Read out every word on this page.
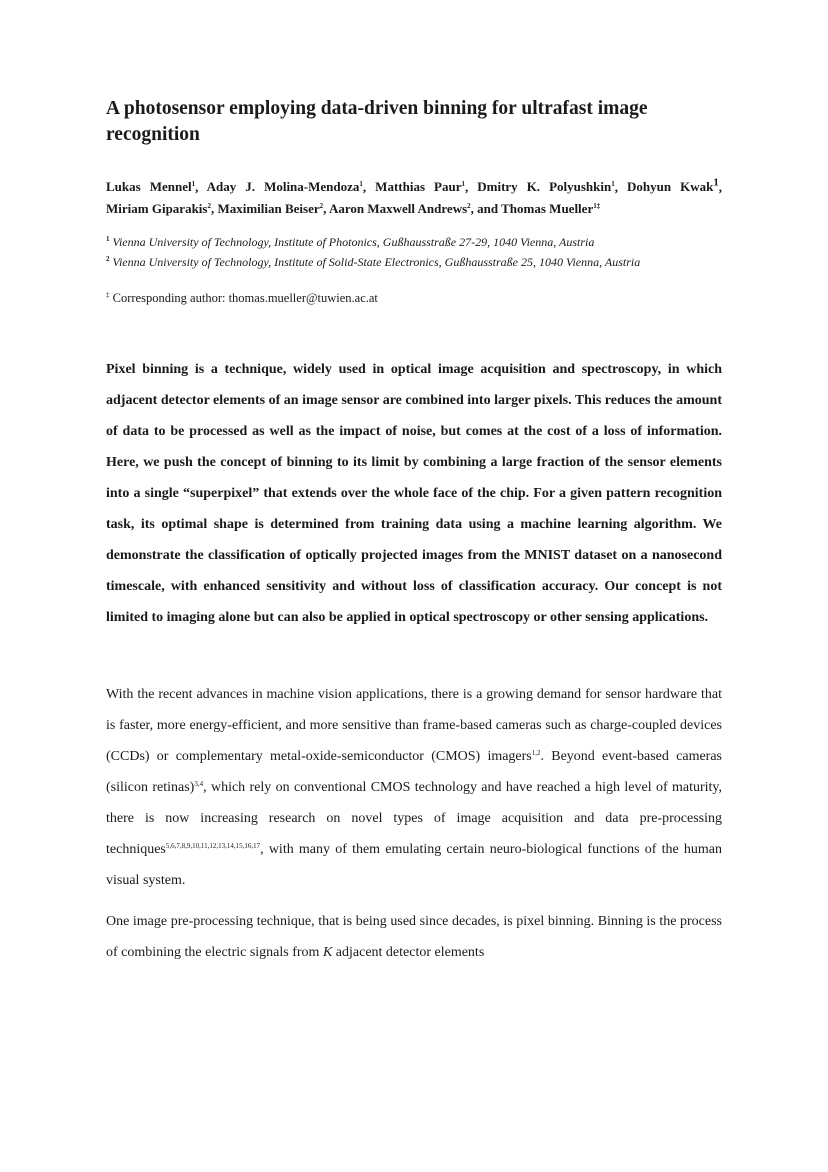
A photosensor employing data-driven binning for ultrafast image recognition
Lukas Mennel$^1$, Aday J. Molina-Mendoza$^1$, Matthias Paur$^1$, Dmitry K. Polyushkin$^1$, Dohyun Kwak$^1$, Miriam Giparakis$^2$, Maximilian Beiser$^2$, Aaron Maxwell Andrews$^2$, and Thomas Mueller$^{1\ddagger}$
$^1$ Vienna University of Technology, Institute of Photonics, Gußhausstraße 27-29, 1040 Vienna, Austria
$^2$ Vienna University of Technology, Institute of Solid-State Electronics, Gußhausstraße 25, 1040 Vienna, Austria
‡ Corresponding author: thomas.mueller@tuwien.ac.at
Pixel binning is a technique, widely used in optical image acquisition and spectroscopy, in which adjacent detector elements of an image sensor are combined into larger pixels. This reduces the amount of data to be processed as well as the impact of noise, but comes at the cost of a loss of information. Here, we push the concept of binning to its limit by combining a large fraction of the sensor elements into a single “superpixel” that extends over the whole face of the chip. For a given pattern recognition task, its optimal shape is determined from training data using a machine learning algorithm. We demonstrate the classification of optically projected images from the MNIST dataset on a nanosecond timescale, with enhanced sensitivity and without loss of classification accuracy. Our concept is not limited to imaging alone but can also be applied in optical spectroscopy or other sensing applications.

With the recent advances in machine vision applications, there is a growing demand for sensor hardware that is faster, more energy-efficient, and more sensitive than frame-based cameras such as charge-coupled devices (CCDs) or complementary metal-oxide-semiconductor (CMOS) imagers$^{1,2}$. Beyond event-based cameras (silicon retinas)$^{3,4}$, which rely on conventional CMOS technology and have reached a high level of maturity, there is now increasing research on novel types of image acquisition and data pre-processing techniques$^{5,6,7,8,9,10,11,12,13,14,15,16,17}$, with many of them emulating certain neuro-biological functions of the human visual system.

One image pre-processing technique, that is being used since decades, is pixel binning. Binning is the process of combining the electric signals from K adjacent detector elements
